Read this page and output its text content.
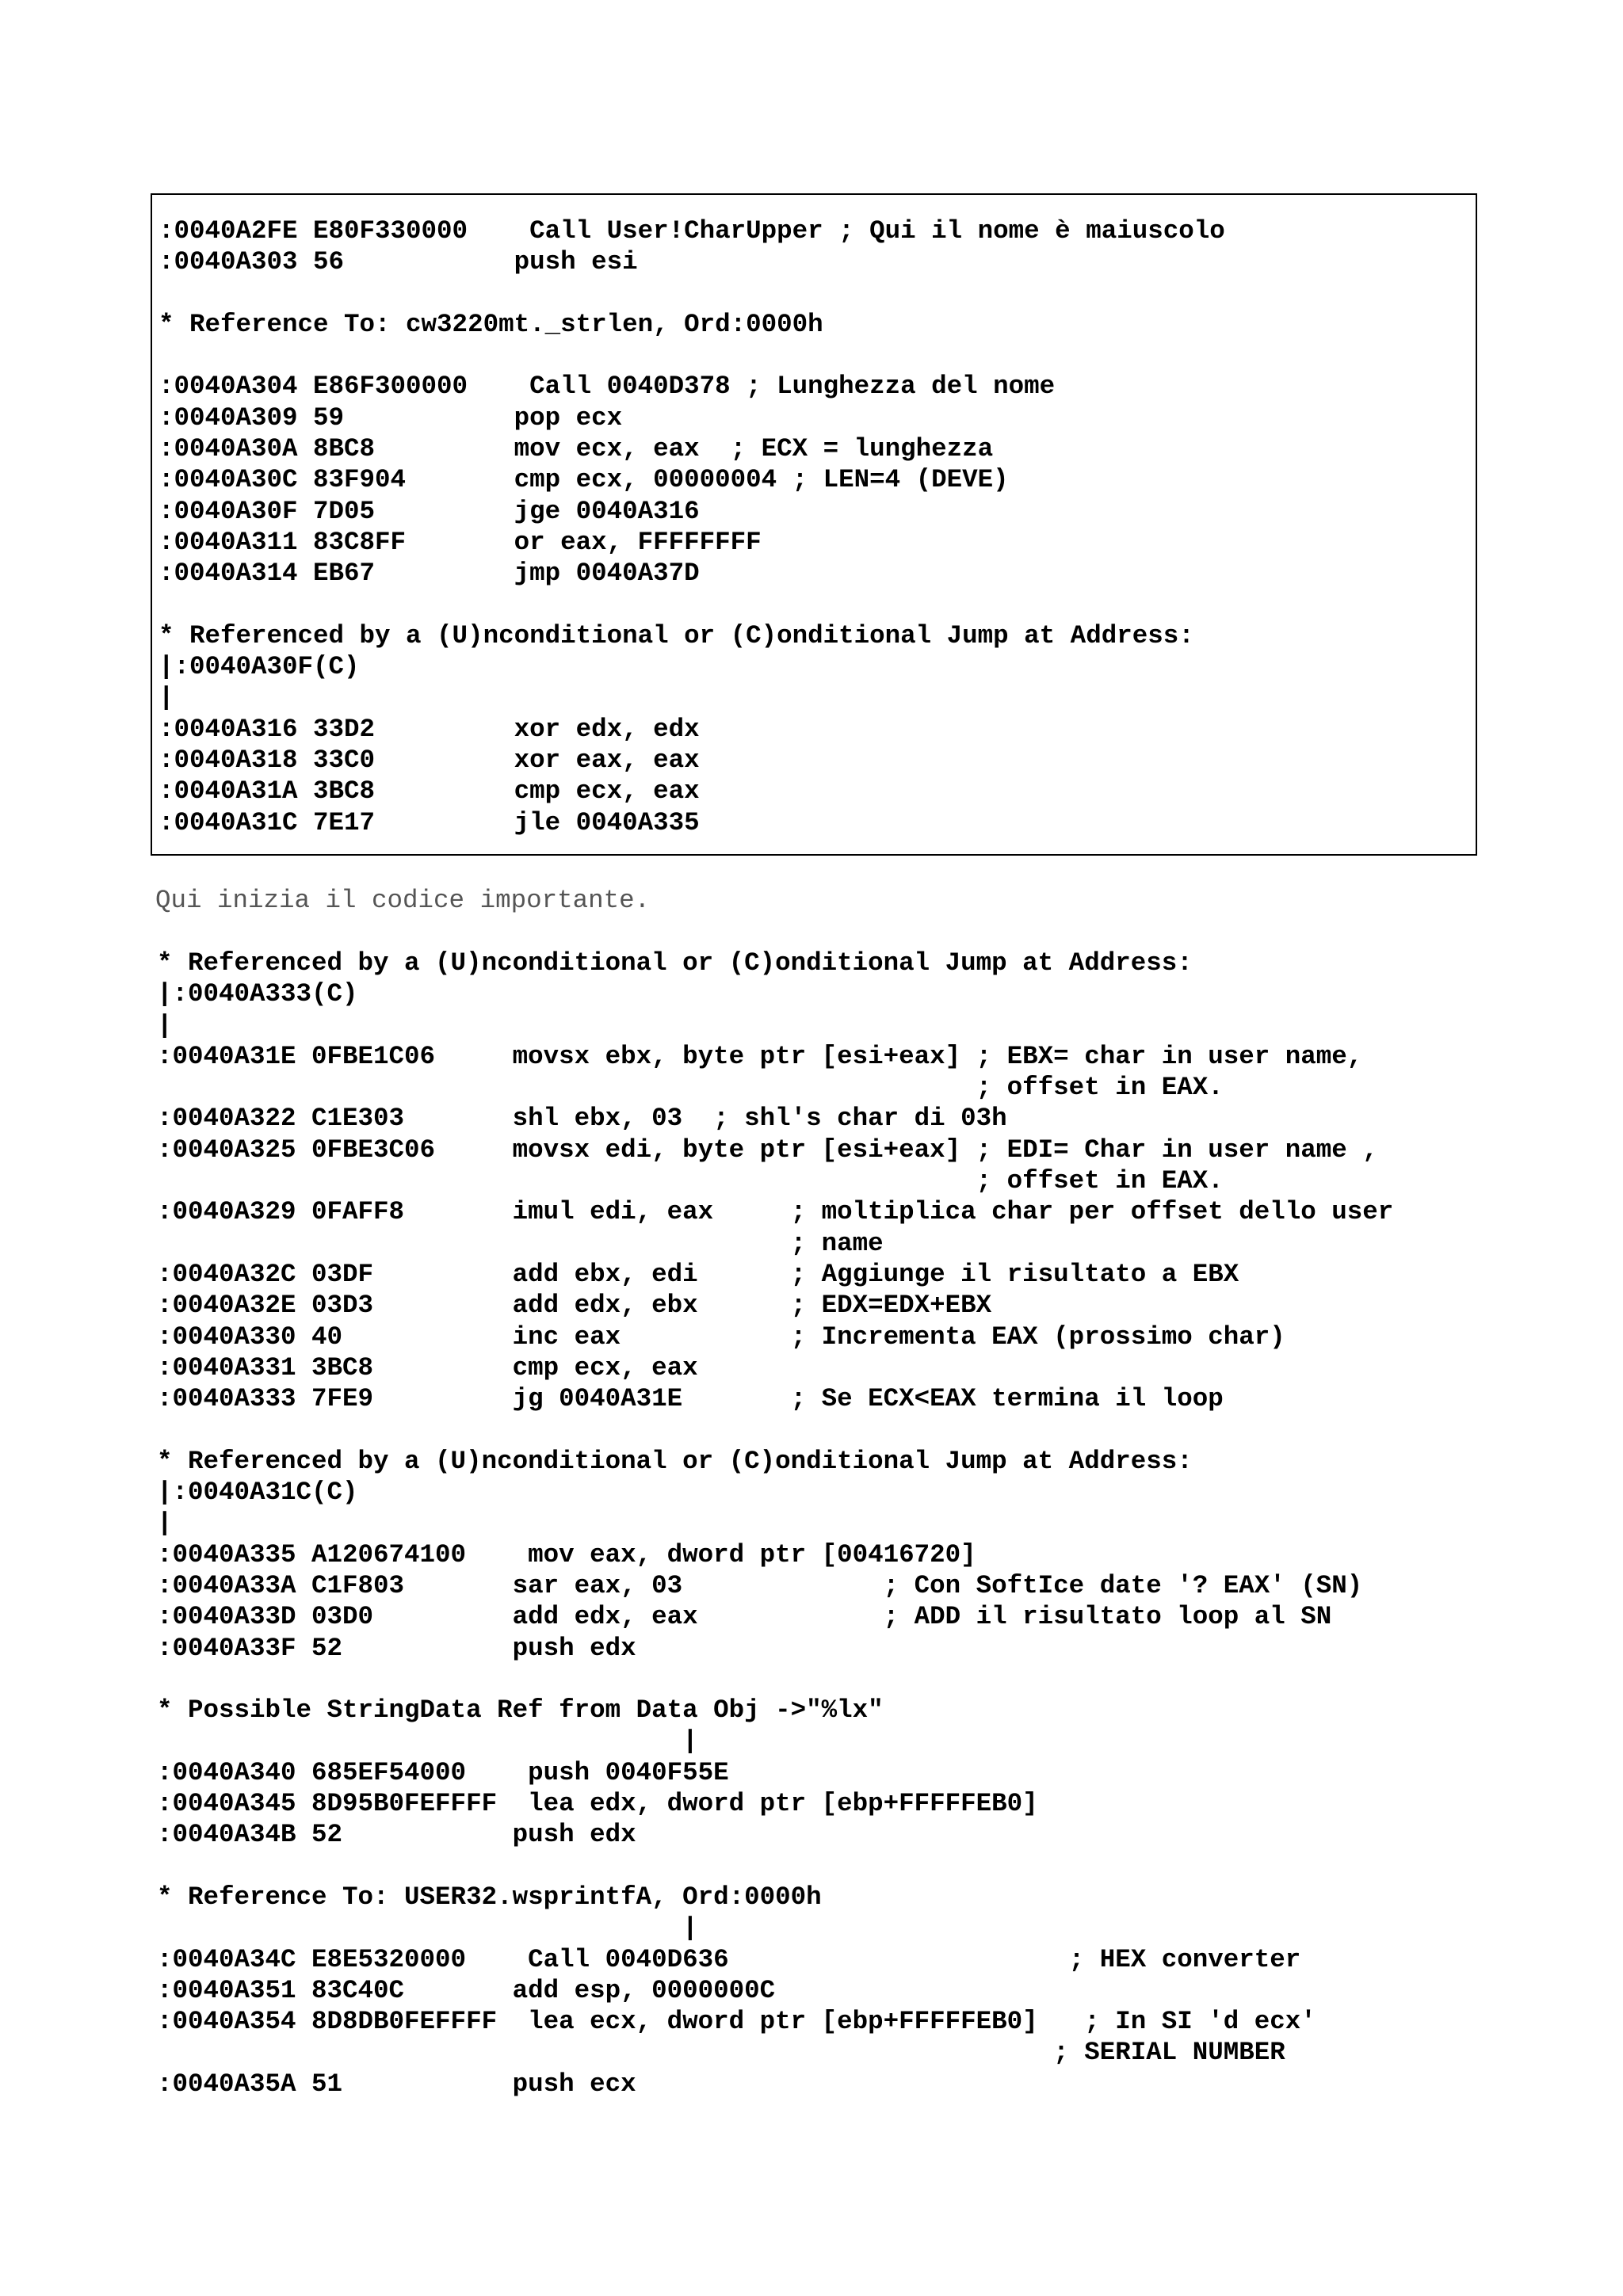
:0040A2FE E80F330000    Call User!CharUpper ; Qui il nome è maiuscolo
:0040A303 56           push esi
* Reference To: cw3220mt._strlen, Ord:0000h
:0040A304 E86F300000    Call 0040D378 ; Lunghezza del nome
:0040A309 59           pop ecx
:0040A30A 8BC8         mov ecx, eax  ; ECX = lunghezza
:0040A30C 83F904       cmp ecx, 00000004 ; LEN=4 (DEVE)
:0040A30F 7D05         jge 0040A316
:0040A311 83C8FF       or eax, FFFFFFFF
:0040A314 EB67         jmp 0040A37D
* Referenced by a (U)nconditional or (C)onditional Jump at Address:
|:0040A30F(C)
|
:0040A316 33D2         xor edx, edx
:0040A318 33C0         xor eax, eax
:0040A31A 3BC8         cmp ecx, eax
:0040A31C 7E17         jle 0040A335
Qui inizia il codice importante.
* Referenced by a (U)nconditional or (C)onditional Jump at Address:
|:0040A333(C)
|
:0040A31E 0FBE1C06     movsx ebx, byte ptr [esi+eax] ; EBX= char in user name,
; offset in EAX.
:0040A322 C1E303       shl ebx, 03  ; shl's char di 03h
:0040A325 0FBE3C06     movsx edi, byte ptr [esi+eax] ; EDI= Char in user name ,
; offset in EAX.
:0040A329 0FAFF8       imul edi, eax     ; moltiplica char per offset dello user
; name
:0040A32C 03DF         add ebx, edi      ; Aggiunge il risultato a EBX
:0040A32E 03D3         add edx, ebx      ; EDX=EDX+EBX
:0040A330 40           inc eax           ; Incrementa EAX (prossimo char)
:0040A331 3BC8         cmp ecx, eax
:0040A333 7FE9         jg 0040A31E       ; Se ECX<EAX termina il loop
* Referenced by a (U)nconditional or (C)onditional Jump at Address:
|:0040A31C(C)
|
:0040A335 A120674100    mov eax, dword ptr [00416720]
:0040A33A C1F803       sar eax, 03             ; Con SoftIce date '? EAX' (SN)
:0040A33D 03D0         add edx, eax            ; ADD il risultato loop al SN
:0040A33F 52           push edx
* Possible StringData Ref from Data Obj ->"%lx"
|
:0040A340 685EF54000    push 0040F55E
:0040A345 8D95B0FEFFFF  lea edx, dword ptr [ebp+FFFFFEB0]
:0040A34B 52           push edx
* Reference To: USER32.wsprintfA, Ord:0000h
|
:0040A34C E8E5320000    Call 0040D636                      ; HEX converter
:0040A351 83C40C       add esp, 0000000C
:0040A354 8D8DB0FEFFFF  lea ecx, dword ptr [ebp+FFFFFEB0]   ; In SI 'd ecx'
; SERIAL NUMBER
:0040A35A 51           push ecx
